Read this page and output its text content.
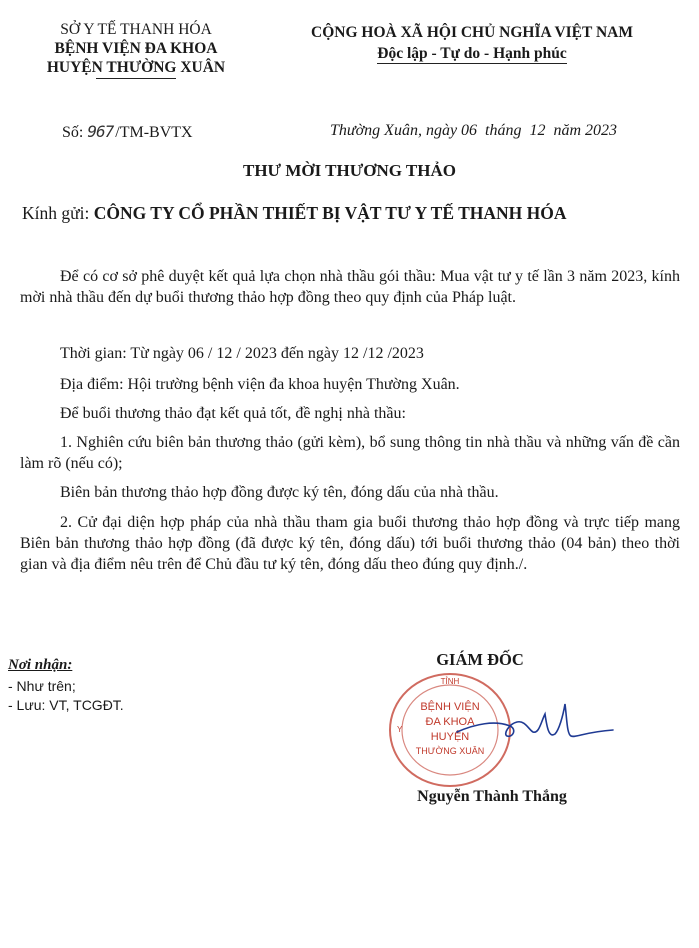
SỞ Y TẾ THANH HÓA
BỆNH VIỆN ĐA KHOA
HUYỆN THƯỜNG XUÂN
CỘNG HOÀ XÃ HỘI CHỦ NGHĨA VIỆT NAM
Độc lập - Tự do - Hạnh phúc
Số: 967 /TM-BVTX	Thường Xuân, ngày 06  tháng  12  năm 2023
THƯ MỜI THƯƠNG THẢO
Kính gửi: CÔNG TY CỔ PHẦN THIẾT BỊ VẬT TƯ Y TẾ THANH HÓA
Để có cơ sở phê duyệt kết quả lựa chọn nhà thầu gói thầu: Mua vật tư y tế lần 3 năm 2023, kính mời nhà thầu đến dự buổi thương thảo hợp đồng theo quy định của Pháp luật.
Thời gian: Từ ngày 06 / 12 / 2023 đến ngày 12 /12 /2023
Địa điểm: Hội trường bệnh viện đa khoa huyện Thường Xuân.
Để buổi thương thảo đạt kết quả tốt, đề nghị nhà thầu:
1. Nghiên cứu biên bản thương thảo (gửi kèm), bổ sung thông tin nhà thầu và những vấn đề cần làm rõ (nếu có);
Biên bản thương thảo hợp đồng được ký tên, đóng dấu của nhà thầu.
2. Cử đại diện hợp pháp của nhà thầu tham gia buổi thương thảo hợp đồng và trực tiếp mang Biên bản thương thảo hợp đồng (đã được ký tên, đóng dấu) tới buổi thương thảo (04 bản) theo thời gian và địa điểm nêu trên để Chủ đầu tư ký tên, đóng dấu theo đúng quy định./.
Nơi nhận:
- Như trên;
- Lưu: VT, TCGĐT.
GIÁM ĐỐC
TỈNH
BỆNH VIỆN
ĐA KHOA
HUYỆN
THƯỜNG XUÂN
Y
Nguyễn Thành Thắng
